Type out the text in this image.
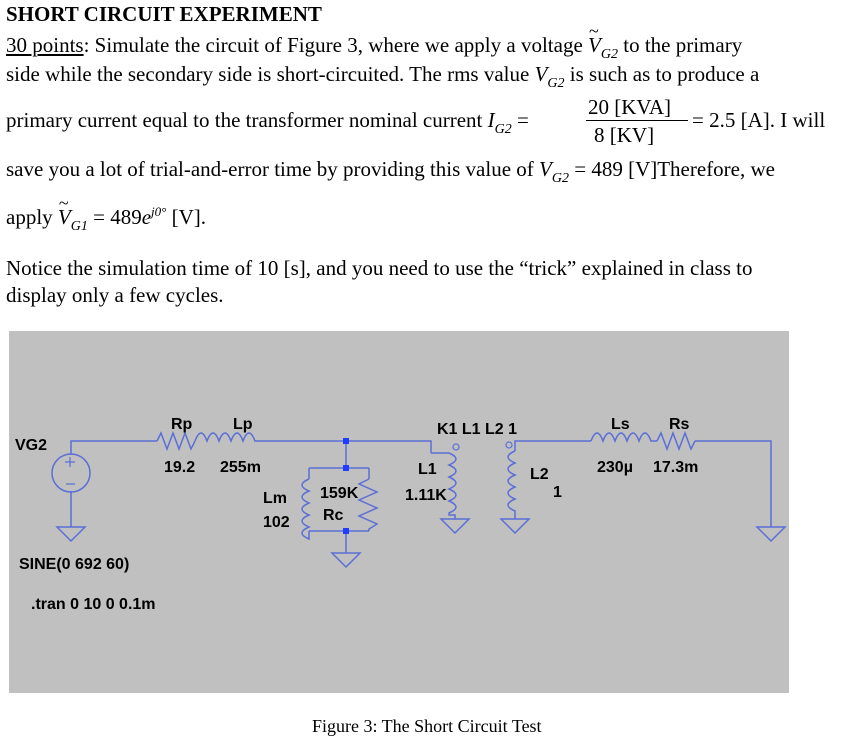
SHORT CIRCUIT EXPERIMENT
30 points: Simulate the circuit of Figure 3, where we apply a voltage ~ $V_{G2}$ to the primary
side while the secondary side is short-circuited. The rms value $V_{G2}$ is such as to produce a
primary current equal to the transformer nominal current $I_{G2}$ =
20 [KVA]
8 [KV]
= 2.5 [A]. I will
save you a lot of trial-and-error time by providing this value of $V_{G2} = 489$ [V]Therefore, we
apply ~ $V_{G1} = 489e^{j0^\circ}$ [V].
Notice the simulation time of 10 [s], and you need to use the “trick” explained in class to
display only a few cycles.
VG2
Rp
19.2
Lp
255m
K1 L1 L2 1
Lm
102
159K
Rc
L1
1.11K
L2
1
Ls
230µ
Rs
17.3m
SINE(0 692 60)
.tran 0 10 0 0.1m
Figure 3: The Short Circuit Test
